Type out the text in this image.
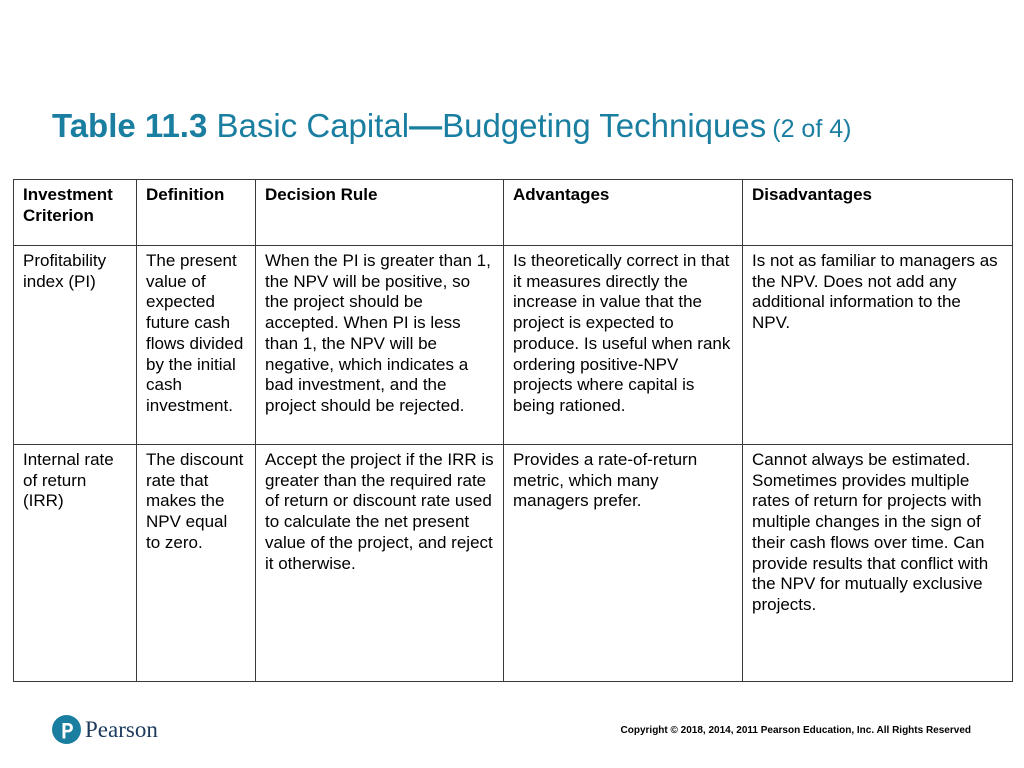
Table 11.3 Basic Capital—Budgeting Techniques (2 of 4)
Investment Criterion	Definition	Decision Rule	Advantages	Disadvantages
Profitability index (PI)	The present value of expected future cash flows divided by the initial cash investment.	When the PI is greater than 1, the NPV will be positive, so the project should be accepted. When PI is less than 1, the NPV will be negative, which indicates a bad investment, and the project should be rejected.	Is theoretically correct in that it measures directly the increase in value that the project is expected to produce. Is useful when rank ordering positive-NPV projects where capital is being rationed.	Is not as familiar to managers as the NPV. Does not add any additional information to the NPV.
Internal rate of return (IRR)	The discount rate that makes the NPV equal to zero.	Accept the project if the IRR is greater than the required rate of return or discount rate used to calculate the net present value of the project, and reject it otherwise.	Provides a rate-of-return metric, which many managers prefer.	Cannot always be estimated. Sometimes provides multiple rates of return for projects with multiple changes in the sign of their cash flows over time. Can provide results that conflict with the NPV for mutually exclusive projects.
Pearson	Copyright © 2018, 2014, 2011 Pearson Education, Inc. All Rights Reserved
